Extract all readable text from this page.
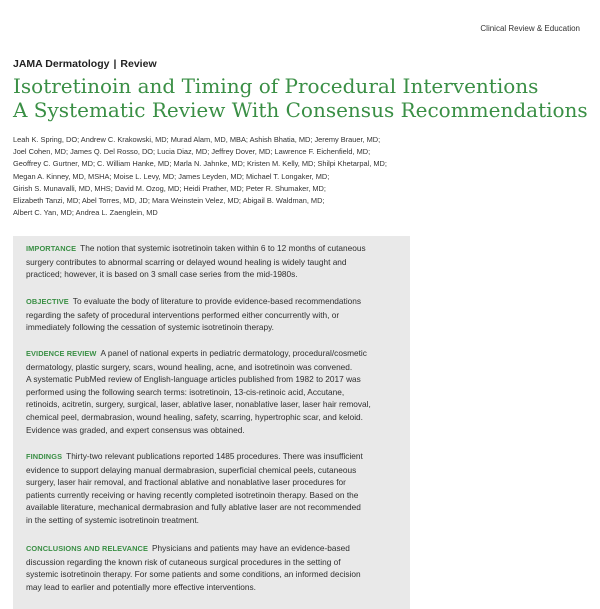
Clinical Review & Education
JAMA Dermatology | Review
Isotretinoin and Timing of Procedural Interventions
A Systematic Review With Consensus Recommendations
Leah K. Spring, DO; Andrew C. Krakowski, MD; Murad Alam, MD, MBA; Ashish Bhatia, MD; Jeremy Brauer, MD;
Joel Cohen, MD; James Q. Del Rosso, DO; Lucia Diaz, MD; Jeffrey Dover, MD; Lawrence F. Eichenfield, MD;
Geoffrey C. Gurtner, MD; C. William Hanke, MD; Marla N. Jahnke, MD; Kristen M. Kelly, MD; Shilpi Khetarpal, MD;
Megan A. Kinney, MD, MSHA; Moise L. Levy, MD; James Leyden, MD; Michael T. Longaker, MD;
Girish S. Munavalli, MD, MHS; David M. Ozog, MD; Heidi Prather, MD; Peter R. Shumaker, MD;
Elizabeth Tanzi, MD; Abel Torres, MD, JD; Mara Weinstein Velez, MD; Abigail B. Waldman, MD;
Albert C. Yan, MD; Andrea L. Zaenglein, MD
IMPORTANCE The notion that systemic isotretinoin taken within 6 to 12 months of cutaneous
surgery contributes to abnormal scarring or delayed wound healing is widely taught and
practiced; however, it is based on 3 small case series from the mid-1980s.
OBJECTIVE To evaluate the body of literature to provide evidence-based recommendations
regarding the safety of procedural interventions performed either concurrently with, or
immediately following the cessation of systemic isotretinoin therapy.
EVIDENCE REVIEW A panel of national experts in pediatric dermatology, procedural/cosmetic
dermatology, plastic surgery, scars, wound healing, acne, and isotretinoin was convened.
A systematic PubMed review of English-language articles published from 1982 to 2017 was
performed using the following search terms: isotretinoin, 13-cis-retinoic acid, Accutane,
retinoids, acitretin, surgery, surgical, laser, ablative laser, nonablative laser, laser hair removal,
chemical peel, dermabrasion, wound healing, safety, scarring, hypertrophic scar, and keloid.
Evidence was graded, and expert consensus was obtained.
FINDINGS Thirty-two relevant publications reported 1485 procedures. There was insufficient
evidence to support delaying manual dermabrasion, superficial chemical peels, cutaneous
surgery, laser hair removal, and fractional ablative and nonablative laser procedures for
patients currently receiving or having recently completed isotretinoin therapy. Based on the
available literature, mechanical dermabrasion and fully ablative laser are not recommended
in the setting of systemic isotretinoin treatment.
CONCLUSIONS AND RELEVANCE Physicians and patients may have an evidence-based
discussion regarding the known risk of cutaneous surgical procedures in the setting of
systemic isotretinoin therapy. For some patients and some conditions, an informed decision
may lead to earlier and potentially more effective interventions.
